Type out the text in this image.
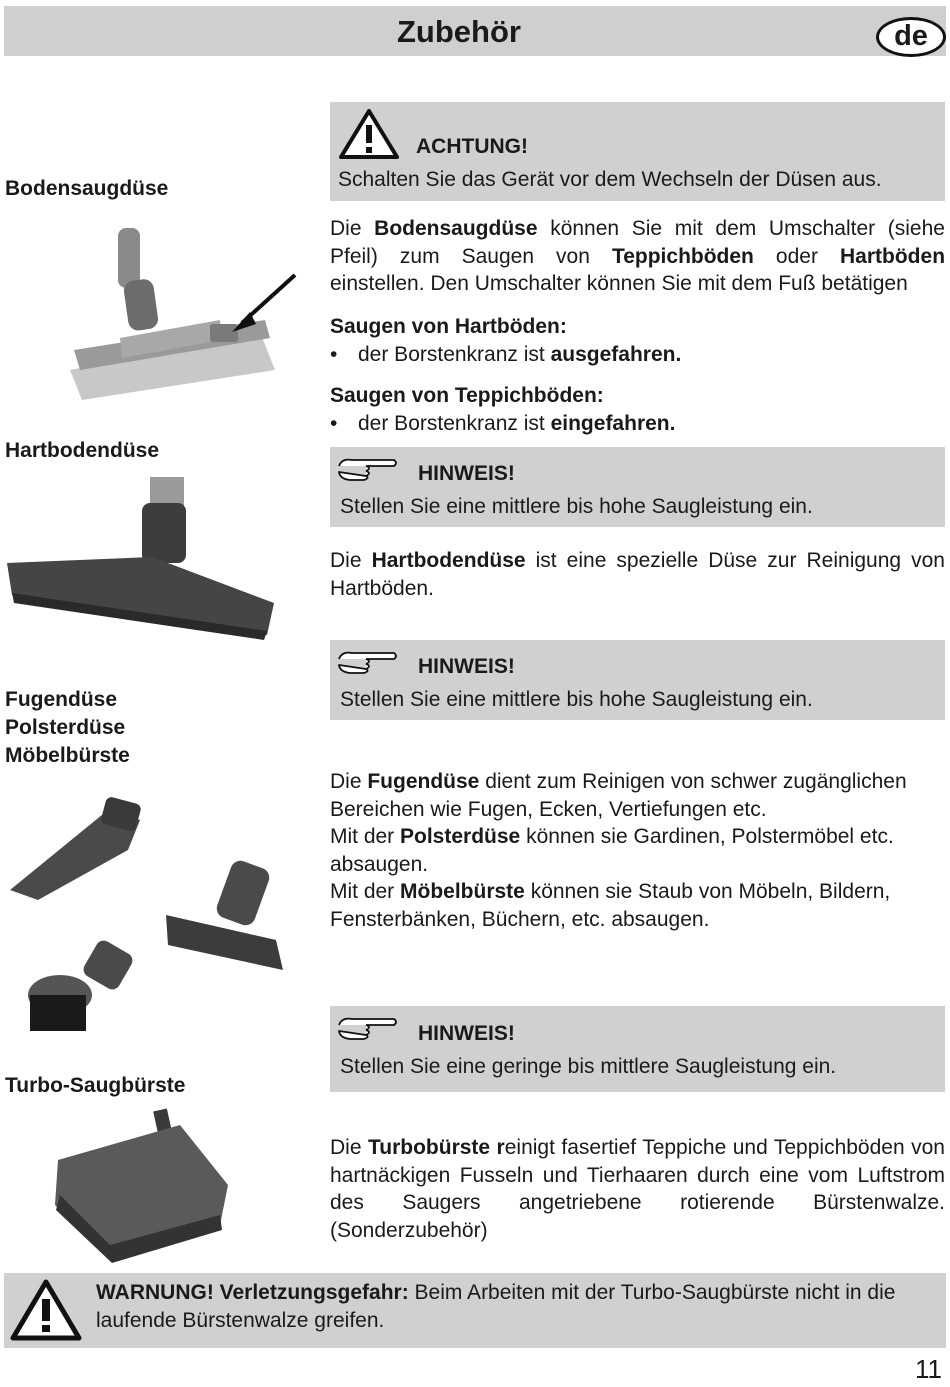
Zubehör	de
Bodensaugdüse
Hartbodendüse
Fugendüse
Polsterdüse
Möbelbürste
Turbo-Saugbürste
ACHTUNG!
Schalten Sie das Gerät vor dem Wechseln der Düsen aus.
Die Bodensaugdüse können Sie mit dem Umschalter (siehe Pfeil) zum Saugen von Teppichböden oder Hartböden einstellen. Den Umschalter können Sie mit dem Fuß betätigen
Saugen von Hartböden:
• der Borstenkranz ist ausgefahren.
Saugen von Teppichböden:
• der Borstenkranz ist eingefahren.
HINWEIS!
Stellen Sie eine mittlere bis hohe Saugleistung ein.
Die Hartbodendüse ist eine spezielle Düse zur Reinigung von Hartböden.
HINWEIS!
Stellen Sie eine mittlere bis hohe Saugleistung ein.
Die Fugendüse dient zum Reinigen von schwer zugänglichen Bereichen wie Fugen, Ecken, Vertiefungen etc.
Mit der Polsterdüse können sie Gardinen, Polstermöbel etc. absaugen.
Mit der Möbelbürste können sie Staub von Möbeln, Bildern, Fensterbänken, Büchern, etc. absaugen.
HINWEIS!
Stellen Sie eine geringe bis mittlere Saugleistung ein.
Die Turbobürste reinigt fasertief Teppiche und Teppichböden von hartnäckigen Fusseln und Tierhaaren durch eine vom Luftstrom des Saugers angetriebene rotierende Bürstenwalze. (Sonderzubehör)
WARNUNG! Verletzungsgefahr: Beim Arbeiten mit der Turbo-Saugbürste nicht in die laufende Bürstenwalze greifen.
11
